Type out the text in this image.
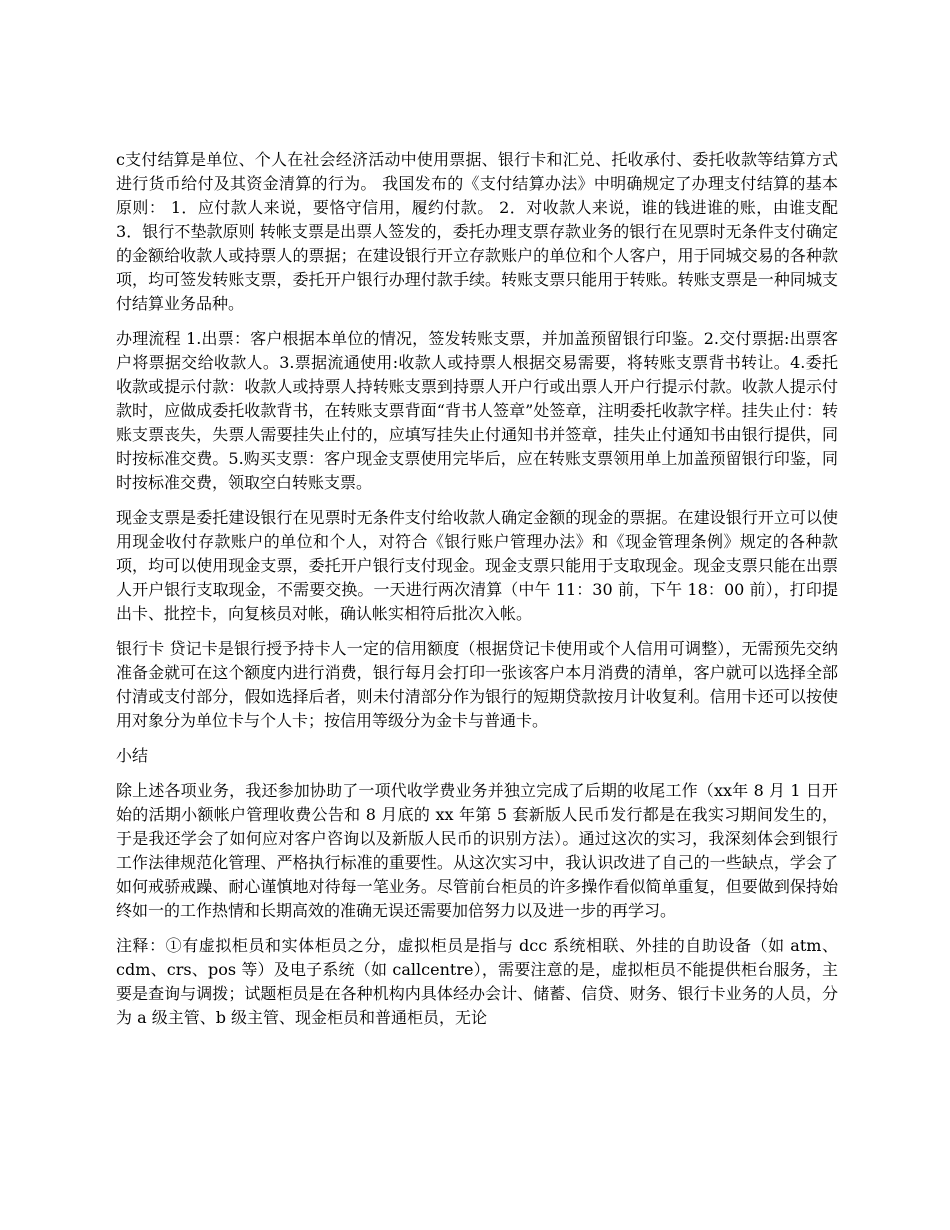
c支付结算是单位、个人在社会经济活动中使用票据、银行卡和汇兑、托收承付、委托收款等结算方式进行货币给付及其资金清算的行为。 我国发布的《支付结算办法》中明确规定了办理支付结算的基本原则： 1．应付款人来说，要恪守信用，履约付款。 2．对收款人来说，谁的钱进谁的账，由谁支配 3．银行不垫款原则 转帐支票是出票人签发的，委托办理支票存款业务的银行在见票时无条件支付确定的金额给收款人或持票人的票据；在建设银行开立存款账户的单位和个人客户，用于同城交易的各种款项，均可签发转账支票，委托开户银行办理付款手续。转账支票只能用于转账。转账支票是一种同城支付结算业务品种。

办理流程 1.出票：客户根据本单位的情况，签发转账支票，并加盖预留银行印鉴。2.交付票据:出票客户将票据交给收款人。3.票据流通使用:收款人或持票人根据交易需要，将转账支票背书转让。4.委托收款或提示付款：收款人或持票人持转账支票到持票人开户行或出票人开户行提示付款。收款人提示付款时，应做成委托收款背书，在转账支票背面“背书人签章”处签章，注明委托收款字样。挂失止付：转账支票丧失，失票人需要挂失止付的，应填写挂失止付通知书并签章，挂失止付通知书由银行提供，同时按标准交费。5.购买支票：客户现金支票使用完毕后，应在转账支票领用单上加盖预留银行印鉴，同时按标准交费，领取空白转账支票。

现金支票是委托建设银行在见票时无条件支付给收款人确定金额的现金的票据。在建设银行开立可以使用现金收付存款账户的单位和个人，对符合《银行账户管理办法》和《现金管理条例》规定的各种款项，均可以使用现金支票，委托开户银行支付现金。现金支票只能用于支取现金。现金支票只能在出票人开户银行支取现金，不需要交换。一天进行两次清算（中午 11：30 前，下午 18：00 前），打印提出卡、批控卡，向复核员对帐，确认帐实相符后批次入帐。

银行卡 贷记卡是银行授予持卡人一定的信用额度（根据贷记卡使用或个人信用可调整），无需预先交纳准备金就可在这个额度内进行消费，银行每月会打印一张该客户本月消费的清单，客户就可以选择全部付清或支付部分，假如选择后者，则未付清部分作为银行的短期贷款按月计收复利。信用卡还可以按使用对象分为单位卡与个人卡；按信用等级分为金卡与普通卡。

小结

除上述各项业务，我还参加协助了一项代收学费业务并独立完成了后期的收尾工作（xx年 8 月 1 日开始的活期小额帐户管理收费公告和 8 月底的 xx 年第 5 套新版人民币发行都是在我实习期间发生的，于是我还学会了如何应对客户咨询以及新版人民币的识别方法）。通过这次的实习，我深刻体会到银行工作法律规范化管理、严格执行标准的重要性。从这次实习中，我认识改进了自己的一些缺点，学会了如何戒骄戒躁、耐心谨慎地对待每一笔业务。尽管前台柜员的许多操作看似简单重复，但要做到保持始终如一的工作热情和长期高效的准确无误还需要加倍努力以及进一步的再学习。

注释：①有虚拟柜员和实体柜员之分，虚拟柜员是指与 dcc 系统相联、外挂的自助设备（如 atm、cdm、crs、pos 等）及电子系统（如 callcentre），需要注意的是，虚拟柜员不能提供柜台服务，主要是查询与调拨；试题柜员是在各种机构内具体经办会计、储蓄、信贷、财务、银行卡业务的人员，分为 a 级主管、b 级主管、现金柜员和普通柜员，无论
